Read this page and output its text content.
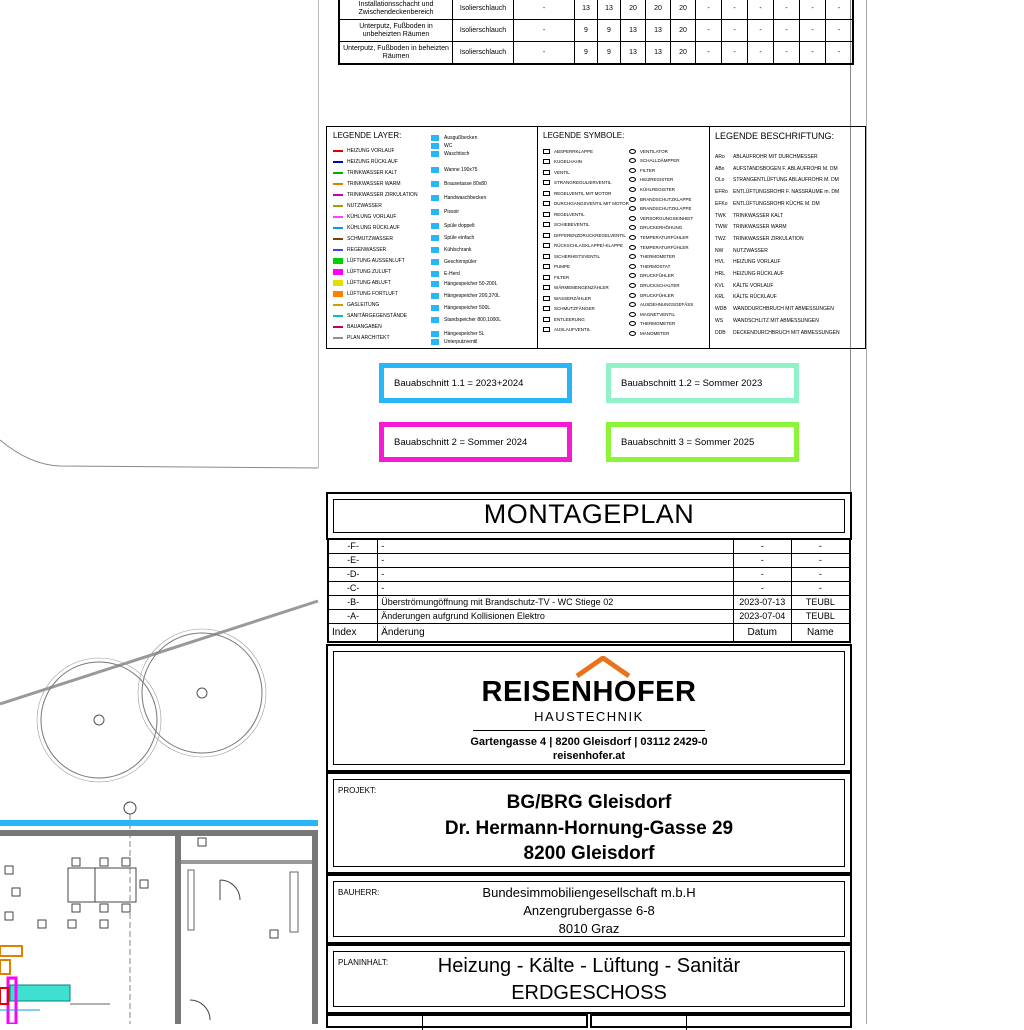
Installationsschacht und Zwischendeckenbereich	Isolierschlauch	-	13	13	20	20	20	-	-	-	-	-	-
Unterputz, Fußboden in unbeheizten Räumen	Isolierschlauch	-	9	9	13	13	20	-	-	-	-	-	-
Unterputz, Fußboden in beheizten Räumen	Isolierschlauch	-	9	9	13	13	20	-	-	-	-	-	-
LEGENDE LAYER:
HEIZUNG VORLAUF
HEIZUNG RÜCKLAUF
TRINKWASSER KALT
TRINKWASSER WARM
TRINKWASSER ZIRKULATION
NUTZWASSER
KÜHLUNG VORLAUF
KÜHLUNG RÜCKLAUF
SCHMUTZWASSER
REGENWASSER
LÜFTUNG AUSSENLUFT
LÜFTUNG ZULUFT
LÜFTUNG ABLUFT
LÜFTUNG FORTLUFT
GASLEITUNG
SANITÄRGEGENSTÄNDE
BAUANGABEN
PLAN ARCHITEKT
Ausgußbecken
WC
Waschtisch
Wanne 190x75
Brausetasse 80x80
Handwaschbecken
Pissoir
Spüle doppelt
Spüle einfach
Kühlschrank
Geschirrspüler
E-Herd
Hängespeicher 50-200L
Hängespeicher 200,370L
Hängespeicher 500L
Standspeicher 800,1000L
Hängespeicher 5L
Unterputzventil
LEGENDE SYMBOLE:
ABSPERRKLAPPE
KUGELHAHN
VENTIL
STRANGREGULIERVENTIL
REGELVENTIL MIT MOTOR
DURCHGANGSVENTIL MIT MOTOR
REGELVENTIL
SCHIEBEVENTIL
DIFFERENZDRUCKREGELVENTIL
RÜCKSCHLAGKLAPPE/-KLAPPE
SICHERHEITSVENTIL
PUMPE
FILTER
WÄRMEMENGENZÄHLER
WASSERZÄHLER
SCHMUTZFÄNGER
ENTLEERUNG
AUSLAUFVENTIL
VENTILATOR
SCHALLDÄMPFER
FILTER
HEIZREGISTER
KÜHLREGISTER
BRANDSCHUTZKLAPPE
BRANDSCHUTZKLAPPE
VERSORGUNGSEINHEIT
DRUCKERHÖHUNG
TEMPERATURFÜHLER
TEMPERATURFÜHLER
THERMOMETER
THERMOSTAT
DRUCKFÜHLER
DRUCKSCHALTER
DRUCKFÜHLER
AUSDEHNUNGSGEFÄSS
MAGNETVENTIL
THERMOMETER
MANOMETER
LEGENDE BESCHRIFTUNG:
ARo	ABLAUFROHR MIT DURCHMESSER
ABo	AUFSTANDSBOGEN F. ABLAUFROHR M. DM
OLo	STRANGENTLÜFTUNG ABLAUFROHR M. DM
EFRo	ENTLÜFTUNGSROHR F. NASSRÄUME m. DM
EFKo	ENTLÜFTUNGSROHR KÜCHE M. DM
TWK	TRINKWASSER KALT
TWW	TRINKWASSER WARM
TWZ	TRINKWASSER ZIRKULATION
NW	NUTZWASSER
HVL	HEIZUNG VORLAUF
HRL	HEIZUNG RÜCKLAUF
KVL	KÄLTE VORLAUF
KRL	KÄLTE RÜCKLAUF
WDB	WANDDURCHBRUCH MIT ABMESSUNGEN
WS	WANDSCHLITZ MIT ABMESSUNGEN
DDB	DECKENDURCHBRUCH MIT ABMESSUNGEN
Bauabschnitt 1.1 = 2023+2024	Bauabschnitt 1.2 = Sommer 2023
Bauabschnitt 2 = Sommer 2024	Bauabschnitt 3 = Sommer 2025
MONTAGEPLAN
-F-	-	-	-
-E-	-	-	-
-D-	-	-	-
-C-	-	-	-
-B-	Überströmungöffnung mit Brandschutz-TV - WC Stiege 02	2023-07-13	TEUBL
-A-	Änderungen aufgrund Kollisionen Elektro	2023-07-04	TEUBL
Index	Änderung	Datum	Name
REISENHOFER
HAUSTECHNIK
Gartengasse 4 | 8200 Gleisdorf | 03112 2429-0
reisenhofer.at
PROJEKT:
BG/BRG Gleisdorf
Dr. Hermann-Hornung-Gasse 29
8200 Gleisdorf
BAUHERR:	Bundesimmobiliengesellschaft m.b.H
Anzengrubergasse 6-8
8010 Graz
PLANINHALT:	Heizung - Kälte - Lüftung - Sanitär
ERDGESCHOSS
